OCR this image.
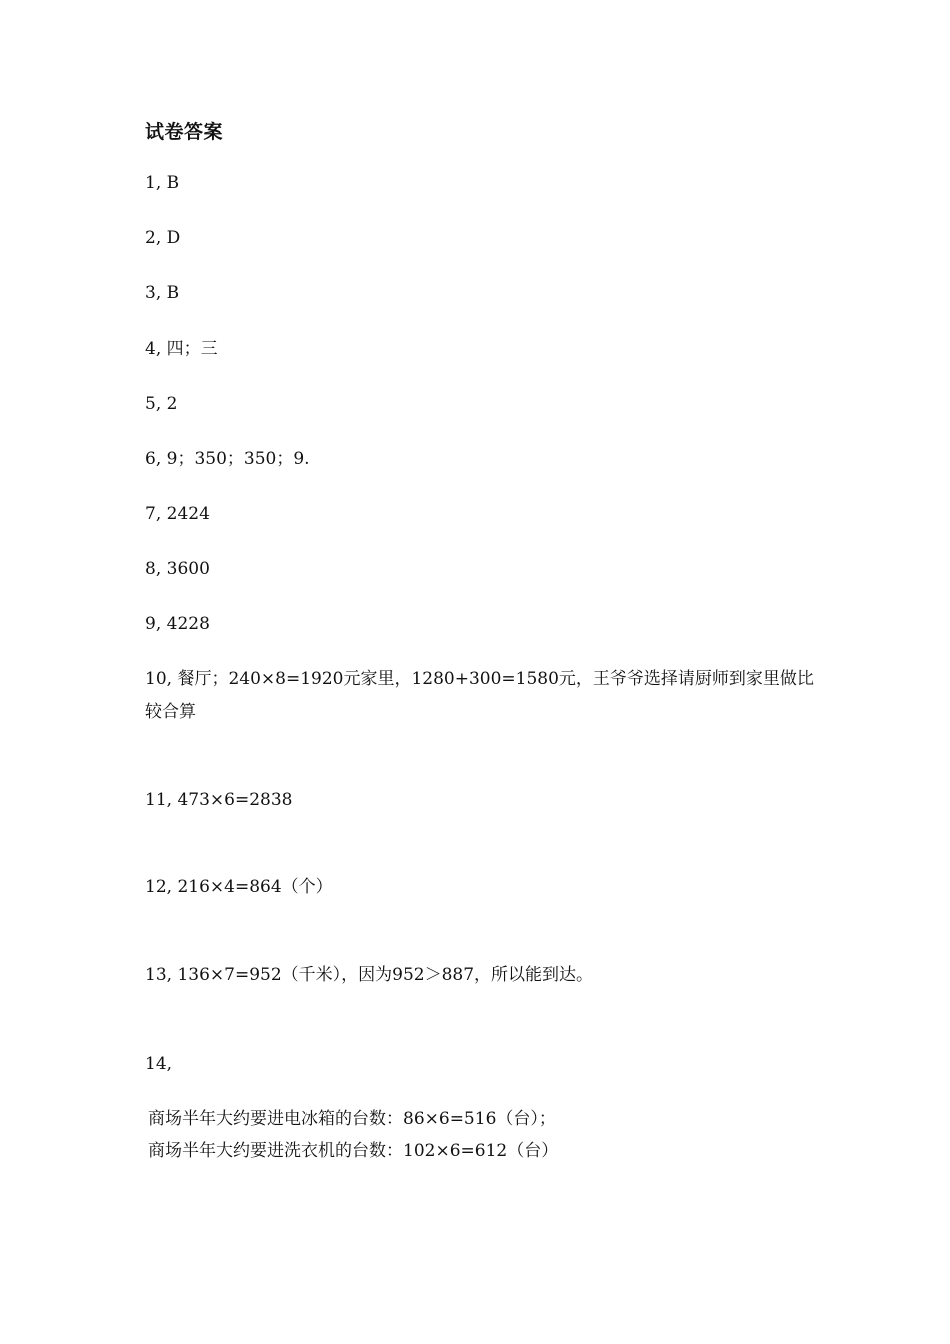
试卷答案
1, B
2, D
3, B
4, 四；三
5, 2
6, 9；350；350；9.
7, 2424
8, 3600
9, 4228
10, 餐厅；240×8=1920元家里，1280+300=1580元，王爷爷选择请厨师到家里做比较合算
11, 473×6=2838
12, 216×4=864（个）
13, 136×7=952（千米），因为952＞887，所以能到达。
14,
商场半年大约要进电冰箱的台数：86×6=516（台）；
商场半年大约要进洗衣机的台数：102×6=612（台）
